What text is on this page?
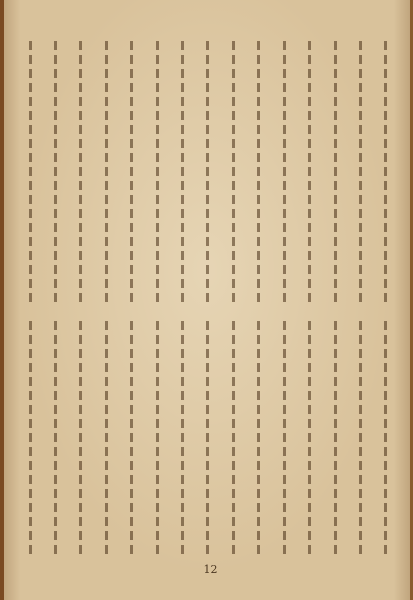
12
